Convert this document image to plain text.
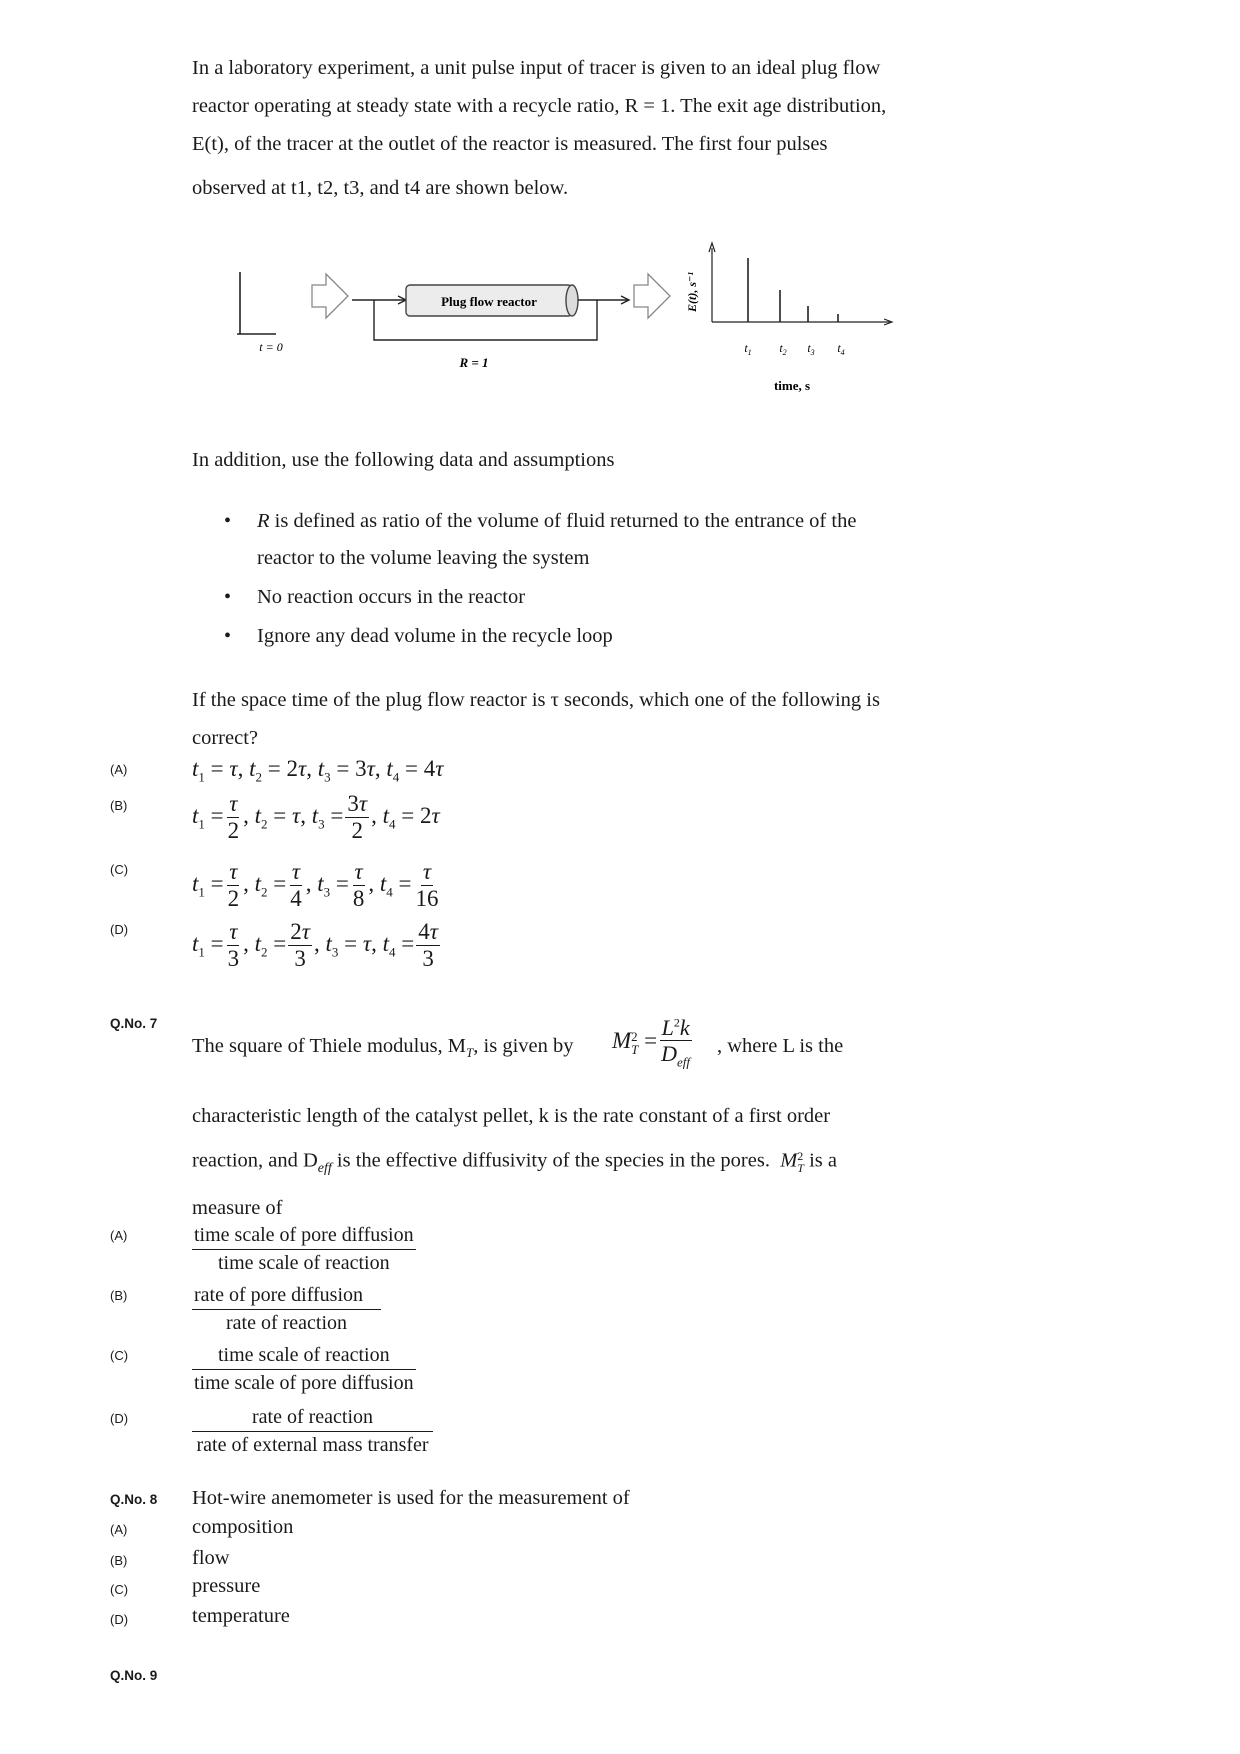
In a laboratory experiment, a unit pulse input of tracer is given to an ideal plug flow
reactor operating at steady state with a recycle ratio, R = 1. The exit age distribution,
E(t), of the tracer at the outlet of the reactor is measured. The first four pulses
observed at t1, t2, t3, and t4 are shown below.
t = 0
Plug flow reactor
R = 1
E(t), s⁻¹
$t_1$ $t_2$ $t_3$ $t_4$
time, s
In addition, use the following data and assumptions
• R is defined as ratio of the volume of fluid returned to the entrance of the
reactor to the volume leaving the system
• No reaction occurs in the reactor
• Ignore any dead volume in the recycle loop
If the space time of the plug flow reactor is τ seconds, which one of the following is
correct?
(A)	$t_1 = \tau$, $t_2 = 2\tau$, $t_3 = 3\tau$, $t_4 = 4\tau$
(B)	$t_1 = \frac{\tau}{2}$ , $t_2 = \tau$, $t_3 = \frac{3\tau}{2}$ , $t_4 = 2\tau$
(C)
$t_1 = \frac{\tau}{2}$ , $t_2 = \frac{\tau}{4}$ , $t_3 = \frac{\tau}{8}$ , $t_4 = \frac{\tau}{16}$
(D)
$t_1 = \frac{\tau}{3}$ , $t_2 = \frac{2\tau}{3}$ , $t_3 = \tau$, $t_4 = \frac{4\tau}{3}$
Q.No. 7
The square of Thiele modulus, $M_T$, is given by M 2
$T = \frac{L^2k}{D_{eff}}$ , where L is the
characteristic length of the catalyst pellet, k is the rate constant of a first order
reaction, and $D_{eff}$ is the effective diffusivity of the species in the pores. M 2
T is a
measure of
(A)	time scale of pore diffusion
time scale of reaction
(B)	rate of pore diffusion
rate of reaction
(C)	time scale of reaction
time scale of pore diffusion
(D)	rate of reaction
rate of external mass transfer
Q.No. 8 Hot-wire anemometer is used for the measurement of
(A)	composition
(B)	flow
(C)	pressure
(D)	temperature
Q.No. 9
